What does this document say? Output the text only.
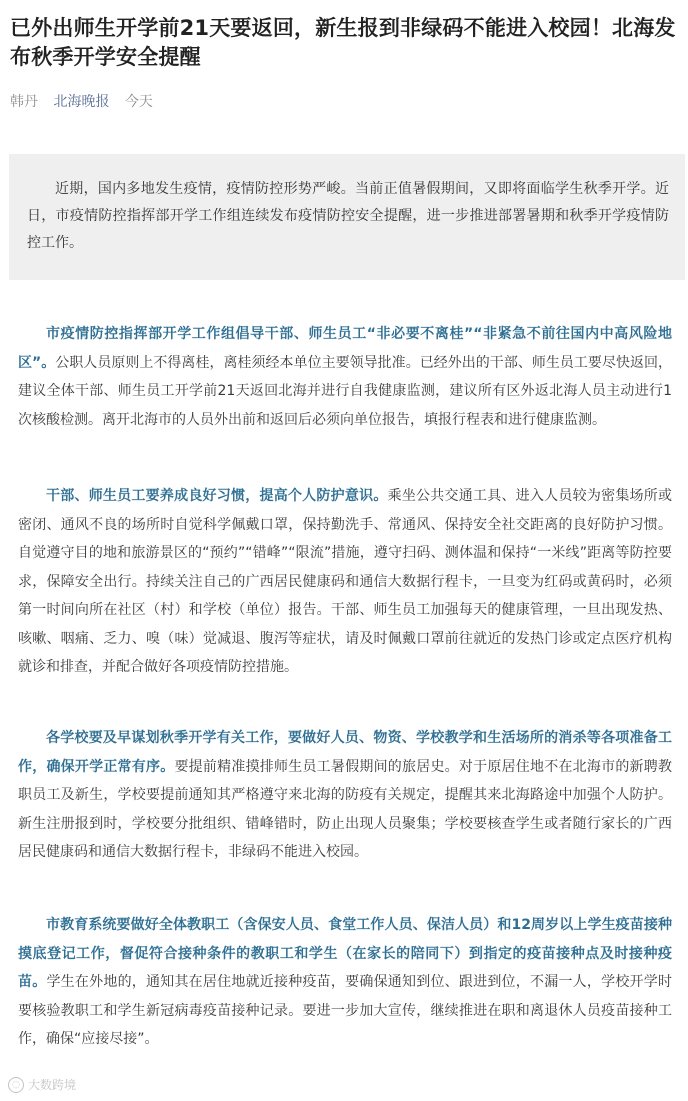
已外出师生开学前21天要返回，新生报到非绿码不能进入校园！北海发布秋季开学安全提醒
韩丹 北海晚报 今天

近期，国内多地发生疫情，疫情防控形势严峻。当前正值暑假期间，又即将面临学生秋季开学。近日，市疫情防控指挥部开学工作组连续发布疫情防控安全提醒，进一步推进部署暑期和秋季开学疫情防控工作。

市疫情防控指挥部开学工作组倡导干部、师生员工“非必要不离桂”“非紧急不前往国内中高风险地区”。公职人员原则上不得离桂，离桂须经本单位主要领导批准。已经外出的干部、师生员工要尽快返回，建议全体干部、师生员工开学前21天返回北海并进行自我健康监测，建议所有区外返北海人员主动进行1次核酸检测。离开北海市的人员外出前和返回后必须向单位报告，填报行程表和进行健康监测。

干部、师生员工要养成良好习惯，提高个人防护意识。乘坐公共交通工具、进入人员较为密集场所或密闭、通风不良的场所时自觉科学佩戴口罩，保持勤洗手、常通风、保持安全社交距离的良好防护习惯。自觉遵守目的地和旅游景区的“预约”“错峰”“限流”措施，遵守扫码、测体温和保持“一米线”距离等防控要求，保障安全出行。持续关注自己的广西居民健康码和通信大数据行程卡，一旦变为红码或黄码时，必须第一时间向所在社区（村）和学校（单位）报告。干部、师生员工加强每天的健康管理，一旦出现发热、咳嗽、咽痛、乏力、嗅（味）觉减退、腹泻等症状，请及时佩戴口罩前往就近的发热门诊或定点医疗机构就诊和排查，并配合做好各项疫情防控措施。

各学校要及早谋划秋季开学有关工作，要做好人员、物资、学校教学和生活场所的消杀等各项准备工作，确保开学正常有序。要提前精准摸排师生员工暑假期间的旅居史。对于原居住地不在北海市的新聘教职员工及新生，学校要提前通知其严格遵守来北海的防疫有关规定，提醒其来北海路途中加强个人防护。新生注册报到时，学校要分批组织、错峰错时，防止出现人员聚集；学校要核查学生或者随行家长的广西居民健康码和通信大数据行程卡，非绿码不能进入校园。

市教育系统要做好全体教职工（含保安人员、食堂工作人员、保洁人员）和12周岁以上学生疫苗接种摸底登记工作，督促符合接种条件的教职工和学生（在家长的陪同下）到指定的疫苗接种点及时接种疫苗。学生在外地的，通知其在居住地就近接种疫苗，要确保通知到位、跟进到位，不漏一人，学校开学时要核验教职工和学生新冠病毒疫苗接种记录。要进一步加大宣传，继续推进在职和离退休人员疫苗接种工作，确保“应接尽接”。

◌ 大数跨境
